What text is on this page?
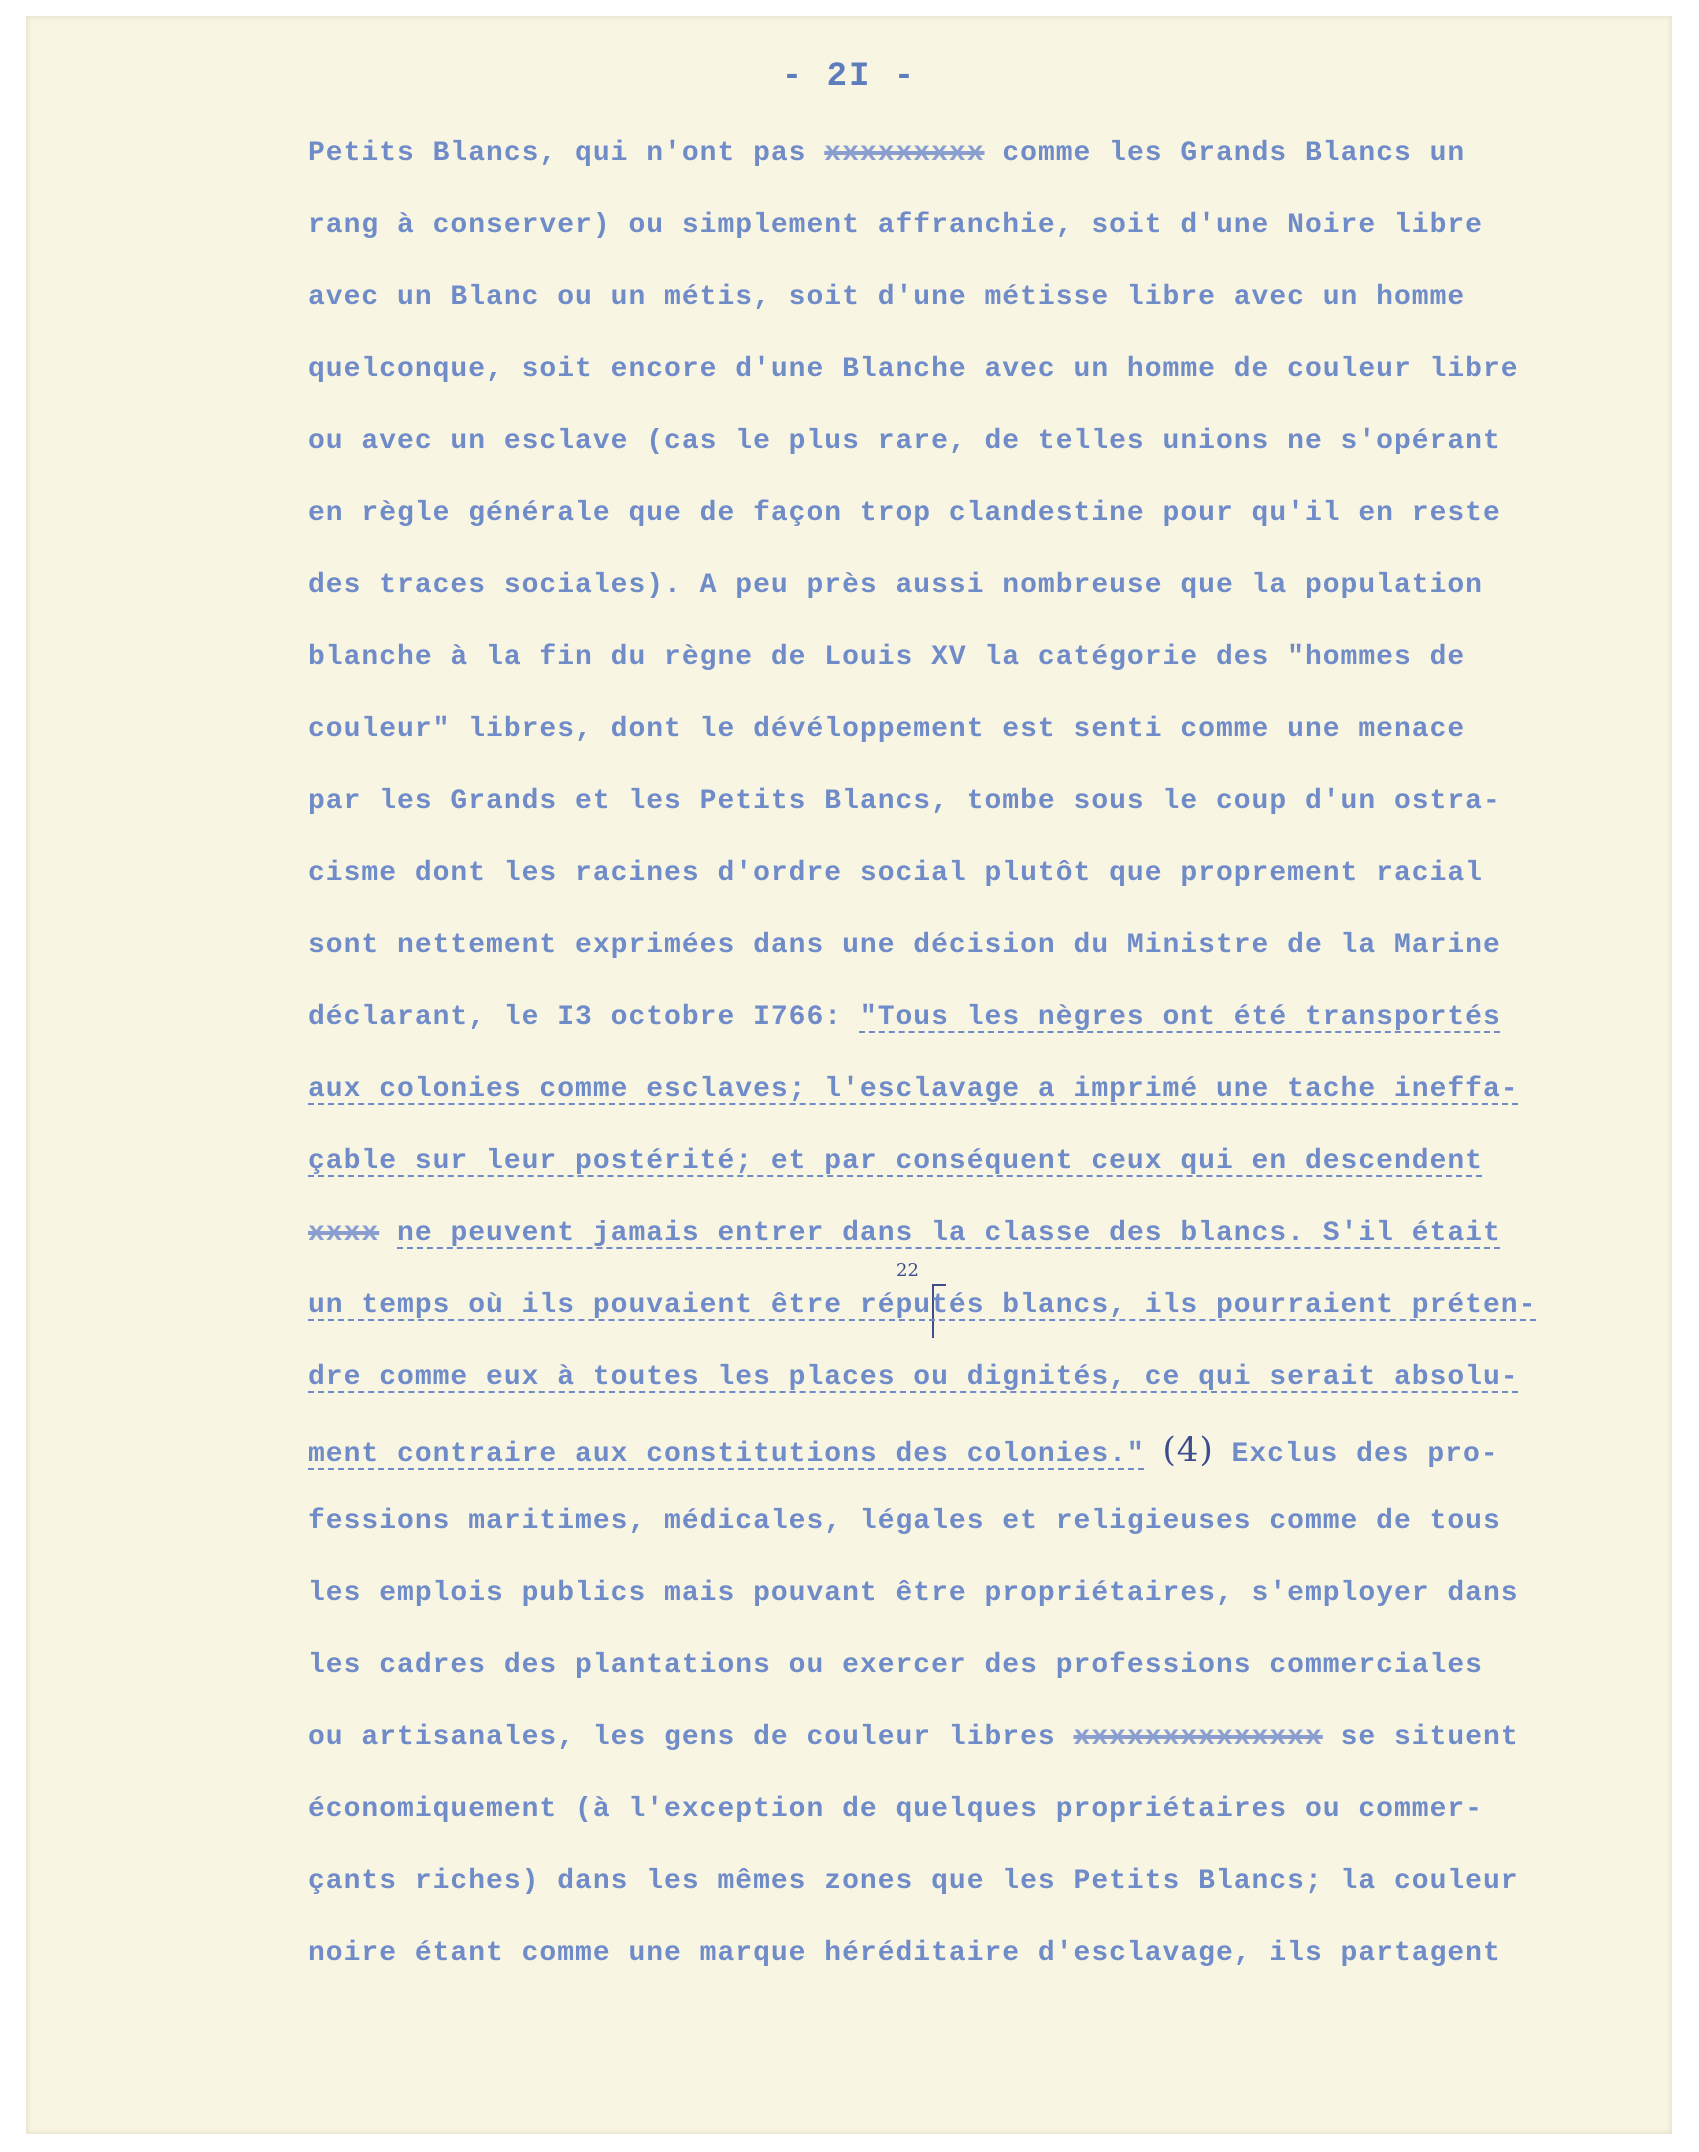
- 2I -
22
Petits Blancs, qui n'ont pas xxxxxxxxx comme les Grands Blancs un
rang à conserver) ou simplement affranchie, soit d'une Noire libre
avec un Blanc ou un métis, soit d'une métisse libre avec un homme
quelconque, soit encore d'une Blanche avec un homme de couleur libre
ou avec un esclave (cas le plus rare, de telles unions ne s'opérant
en règle générale que de façon trop clandestine pour qu'il en reste
des traces sociales). A peu près aussi nombreuse que la population
blanche à la fin du règne de Louis XV la catégorie des "hommes de
couleur" libres, dont le dévéloppement est senti comme une menace
par les Grands et les Petits Blancs, tombe sous le coup d'un ostra-
cisme dont les racines d'ordre social plutôt que proprement racial
sont nettement exprimées dans une décision du Ministre de la Marine
déclarant, le I3 octobre I766: "Tous les nègres ont été transportés
aux colonies comme esclaves; l'esclavage a imprimé une tache ineffa-
çable sur leur postérité; et par conséquent ceux qui en descendent
xxxx ne peuvent jamais entrer dans la classe des blancs. S'il était
un temps où ils pouvaient être réputés blancs, ils pourraient préten-
dre comme eux à toutes les places ou dignités, ce qui serait absolu-
ment contraire aux constitutions des colonies." (4) Exclus des pro-
fessions maritimes, médicales, légales et religieuses comme de tous
les emplois publics mais pouvant être propriétaires, s'employer dans
les cadres des plantations ou exercer des professions commerciales
ou artisanales, les gens de couleur libres xxxxxxxxxxxxxx se situent
économiquement (à l'exception de quelques propriétaires ou commer-
çants riches) dans les mêmes zones que les Petits Blancs; la couleur
noire étant comme une marque héréditaire d'esclavage, ils partagent
